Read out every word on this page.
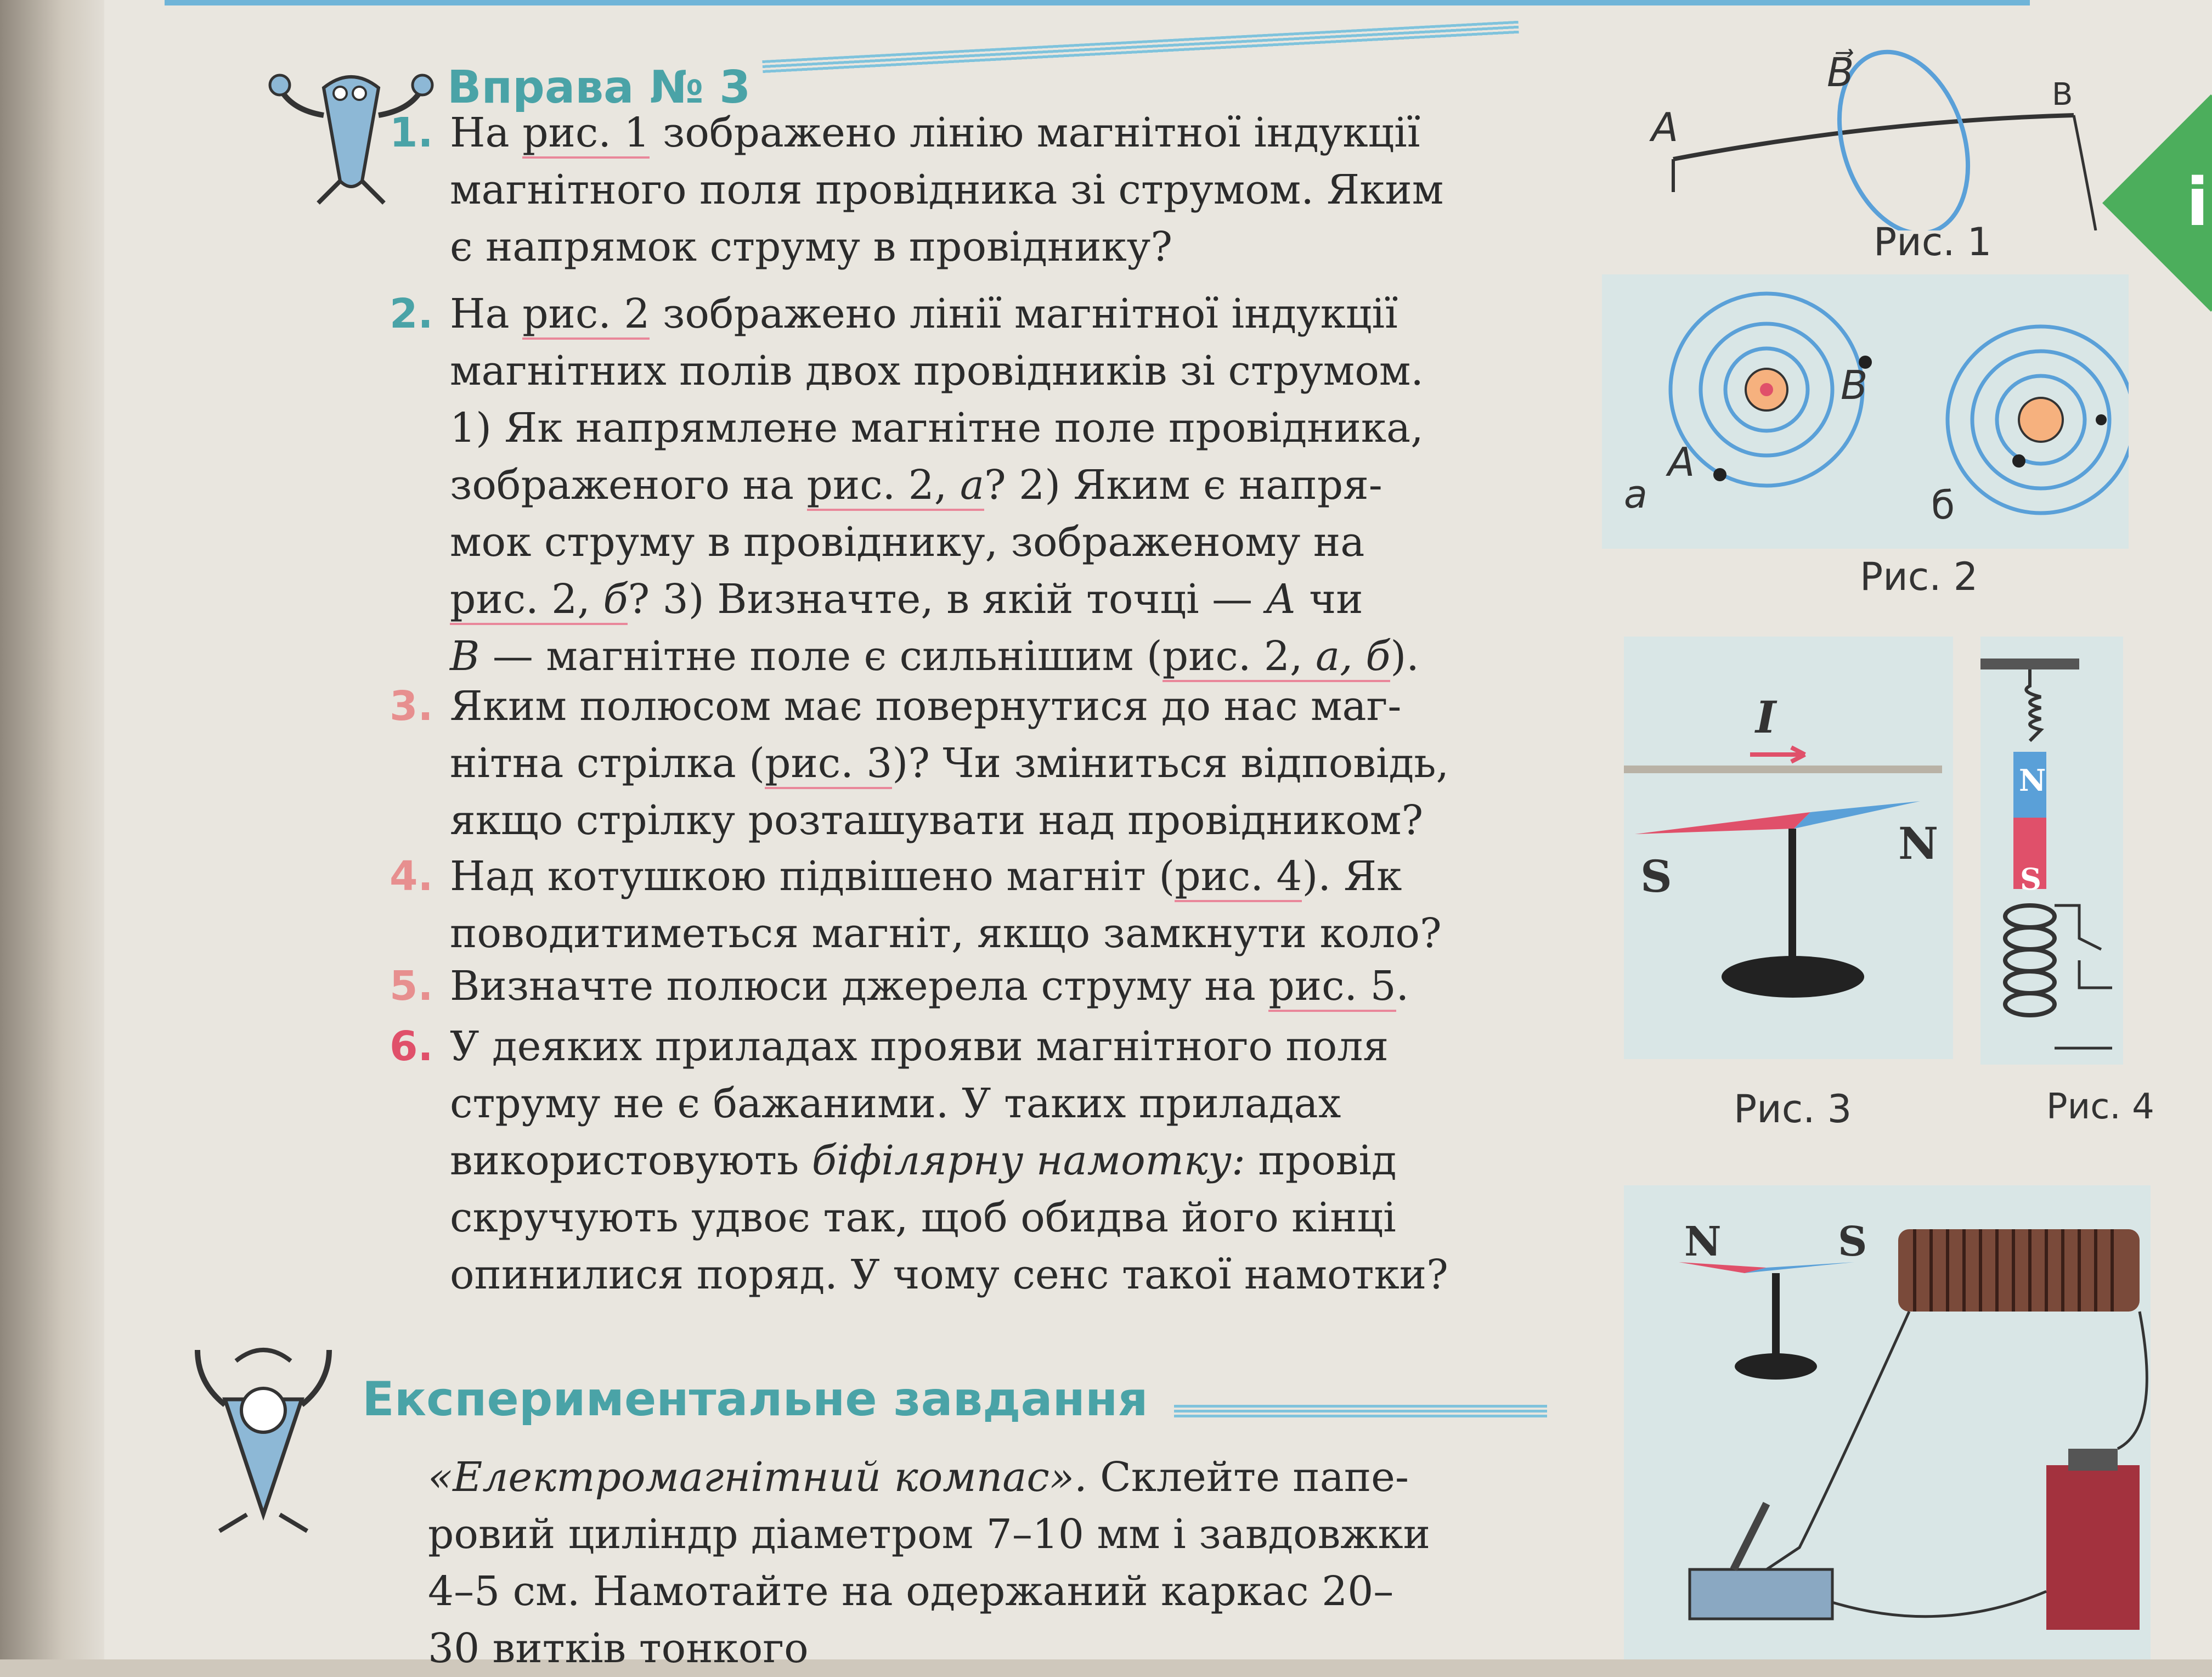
Вправа № 3
1. На рис. 1 зображено лінію магнітної індукції
магнітного поля провідника зі струмом. Яким
є напрямок струму в провіднику?
2. На рис. 2 зображено лінії магнітної індукції
магнітних полів двох провідників зі струмом.
1) Як напрямлене магнітне поле провідника,
зображеного на рис. 2, а? 2) Яким є напря-
мок струму в провіднику, зображеному на
рис. 2, б? 3) Визначте, в якій точці — А чи
В — магнітне поле є сильнішим (рис. 2, а, б).
3. Яким полюсом має повернутися до нас маг-
нітна стрілка (рис. 3)? Чи зміниться відповідь,
якщо стрілку розташувати над провідником?
4. Над котушкою підвішено магніт (рис. 4). Як
поводитиметься магніт, якщо замкнути коло?
5. Визначте полюси джерела струму на рис. 5.
6. У деяких приладах прояви магнітного поля
струму не є бажаними. У таких приладах
використовують біфілярну намотку: провід
скручують удвоє так, щоб обидва його кінці
опинилися поряд. У чому сенс такої намотки?
Експериментальне завдання
«Електромагнітний компас». Склейте папе-
ровий циліндр діаметром 7–10 мм і завдовжки
4–5 см. Намотайте на одержаний каркас 20–
30 витків тонкого
i
A
B
B⃗
Рис. 1
B
A
а	б
Рис. 2
I
S
N
Рис. 3
N
S
Рис. 4
N	S
